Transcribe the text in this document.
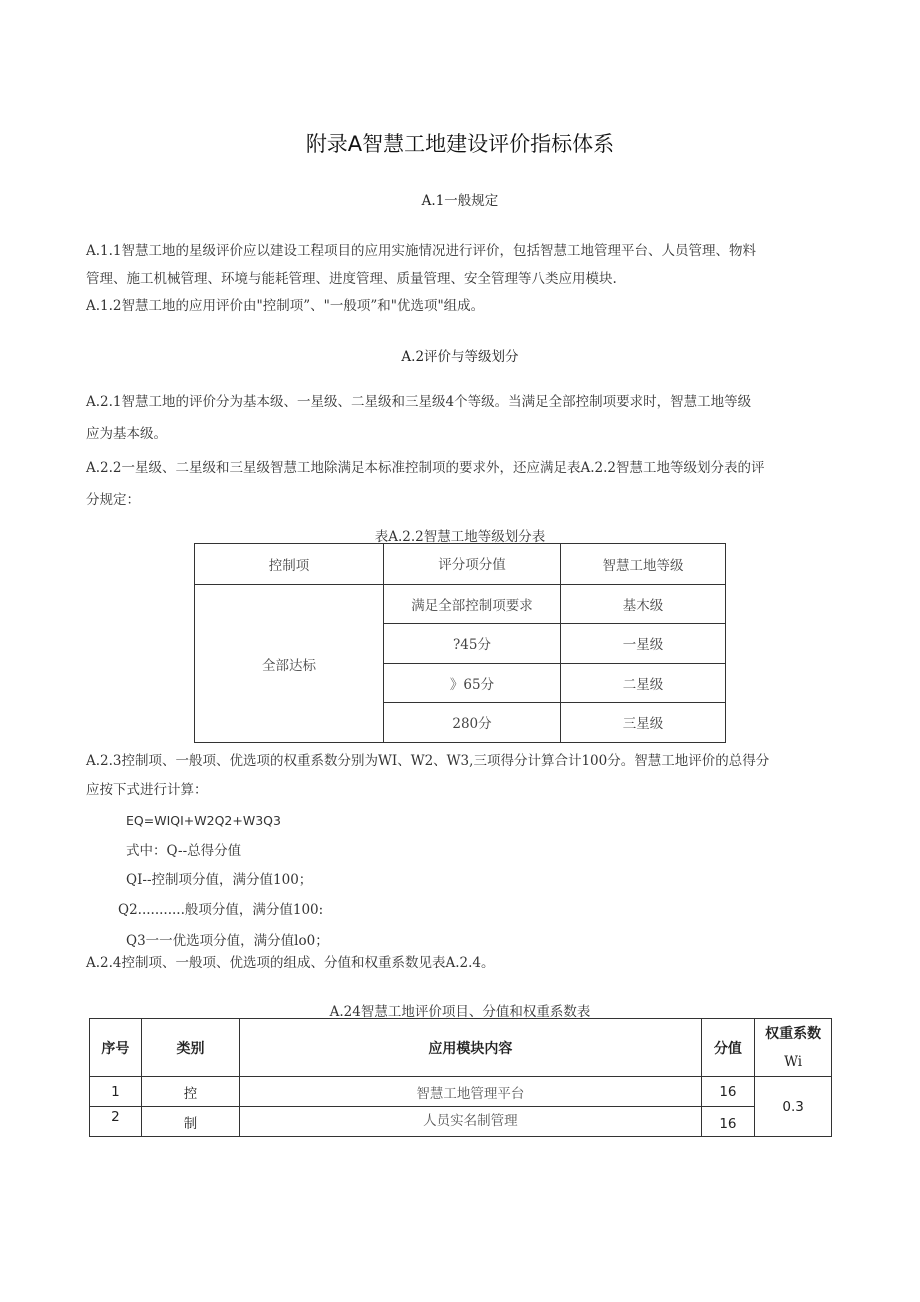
附录A智慧工地建设评价指标体系
A.1一般规定
A.1.1智慧工地的星级评价应以建设工程项目的应用实施情况进行评价，包括智慧工地管理平台、人员管理、物料
管理、施工机械管理、环境与能耗管理、进度管理、质量管理、安全管理等八类应用模块.
A.1.2智慧工地的应用评价由"控制项”、"一般项”和"优选项"组成。
A.2评价与等级划分
A.2.1智慧工地的评价分为基本级、一星级、二星级和三星级4个等级。当满足全部控制项要求时，智慧工地等级
应为基本级。
A.2.2一星级、二星级和三星级智慧工地除满足本标准控制项的要求外，还应满足表A.2.2智慧工地等级划分表的评
分规定：
表A.2.2智慧工地等级划分表
控制项	评分项分值	智慧工地等级
全部达标	满足全部控制项要求	基木级
	?45分	一星级
	》65分	二星级
	280分	三星级
A.2.3控制项、一般项、优选项的权重系数分别为WI、W2、W3,三项得分计算合计100分。智慧工地评价的总得分
应按下式进行计算：
EQ=WIQI+W2Q2+W3Q3
式中：Q--总得分值
QI--控制项分值，满分值100；
Q2...........般项分值，满分值100:
Q3一一优选项分值，满分值lo0；
A.2.4控制项、一般项、优选项的组成、分值和权重系数见表A.2.4。
A.24智慧工地评价项目、分值和权重系数表
序号	类别	应用模块内容	分值	权重系数
Wi

1	控	智慧工地管理平台	16	0.3
2	制	人员实名制管理	16	
